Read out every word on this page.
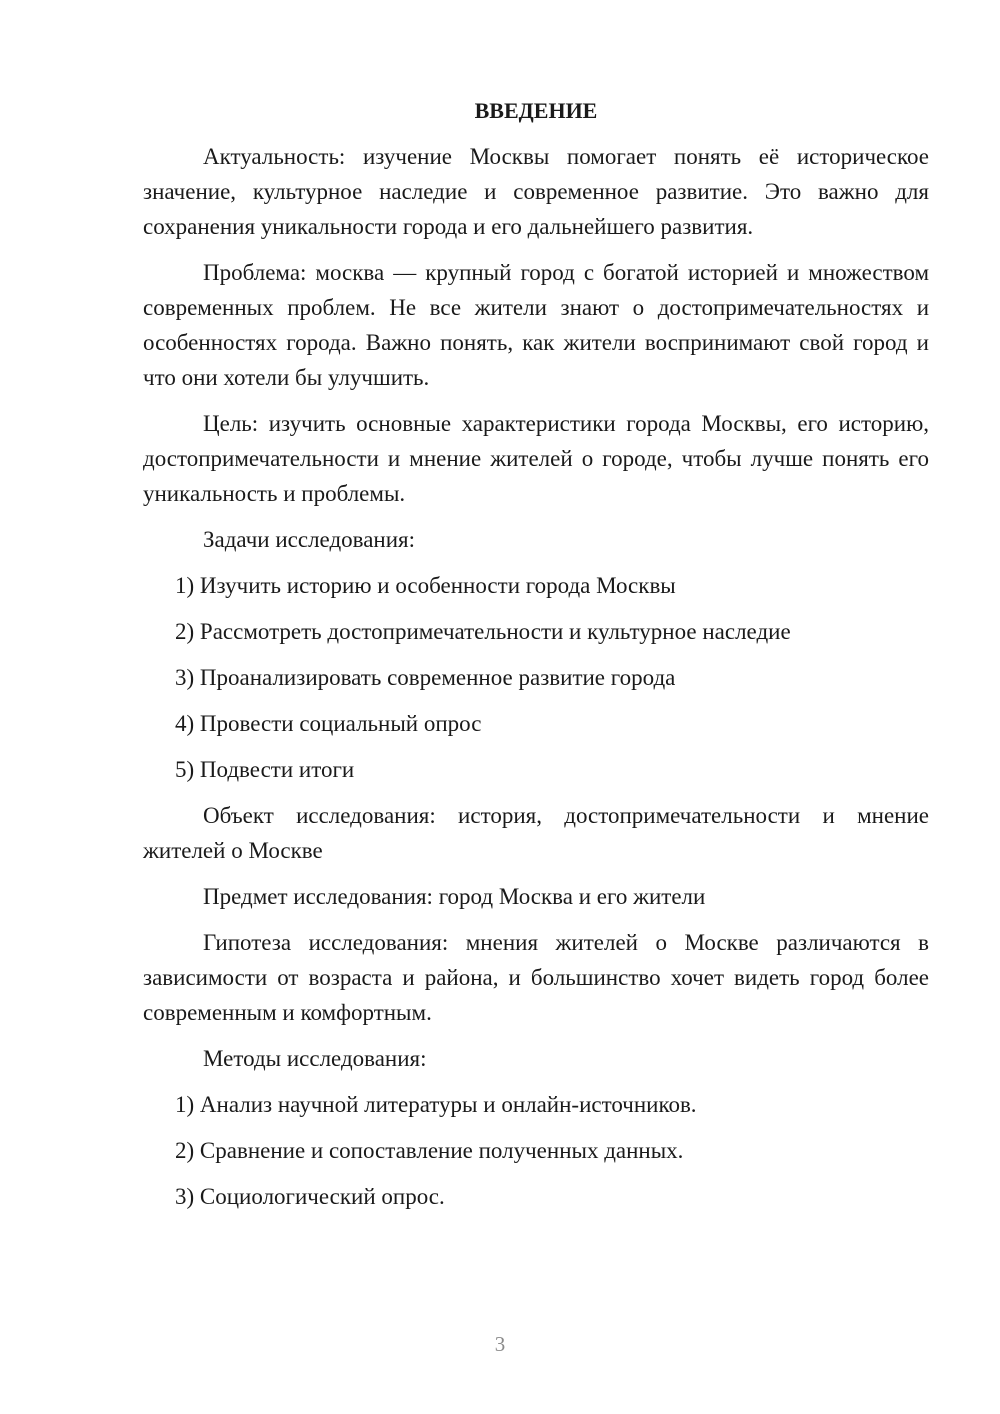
ВВЕДЕНИЕ

Актуальность: изучение Москвы помогает понять её историческое значение, культурное наследие и современное развитие. Это важно для сохранения уникальности города и его дальнейшего развития.

Проблема: москва — крупный город с богатой историей и множеством современных проблем. Не все жители знают о достопримечательностях и особенностях города. Важно понять, как жители воспринимают свой город и что они хотели бы улучшить.

Цель: изучить основные характеристики города Москвы, его историю, достопримечательности и мнение жителей о городе, чтобы лучше понять его уникальность и проблемы.

Задачи исследования:

1) Изучить историю и особенности города Москвы
2) Рассмотреть достопримечательности и культурное наследие
3) Проанализировать современное развитие города
4) Провести социальный опрос
5) Подвести итоги

Объект исследования: история, достопримечательности и мнение жителей о Москве

Предмет исследования: город Москва и его жители

Гипотеза исследования: мнения жителей о Москве различаются в зависимости от возраста и района, и большинство хочет видеть город более современным и комфортным.

Методы исследования:

1) Анализ научной литературы и онлайн-источников.
2) Сравнение и сопоставление полученных данных.
3) Социологический опрос.
3
